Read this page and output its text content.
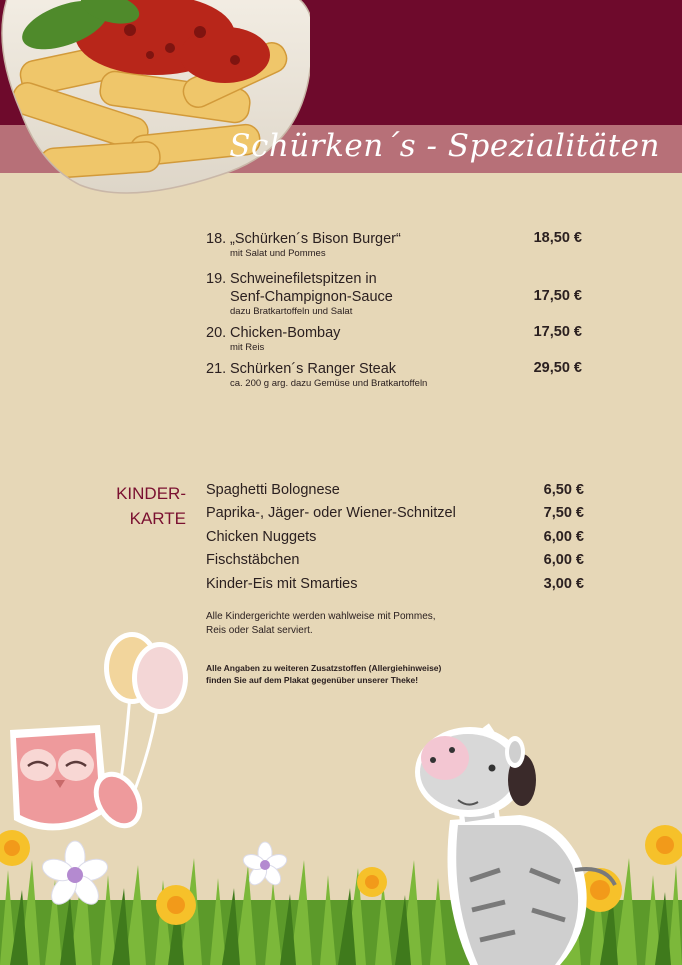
Schürken´s - Spezialitäten
18. „Schürken´s Bison Burger“
mit Salat und Pommes
18,50 €
19. Schweinefiletspitzen in
Senf-Champignon-Sauce
dazu Bratkartoffeln und Salat
17,50 €
20. Chicken-Bombay
mit Reis
17,50 €
21. Schürken´s Ranger Steak
ca. 200 g arg. dazu Gemüse und Bratkartoffeln
29,50 €
KINDER-
KARTE
Spaghetti Bolognese	6,50 €
Paprika-, Jäger- oder Wiener-Schnitzel	7,50 €
Chicken Nuggets	6,00 €
Fischstäbchen	6,00 €
Kinder-Eis mit Smarties	3,00 €
Alle Kindergerichte werden wahlweise mit Pommes,
Reis oder Salat serviert.
Alle Angaben zu weiteren Zusatzstoffen (Allergiehinweise)
finden Sie auf dem Plakat gegenüber unserer Theke!
